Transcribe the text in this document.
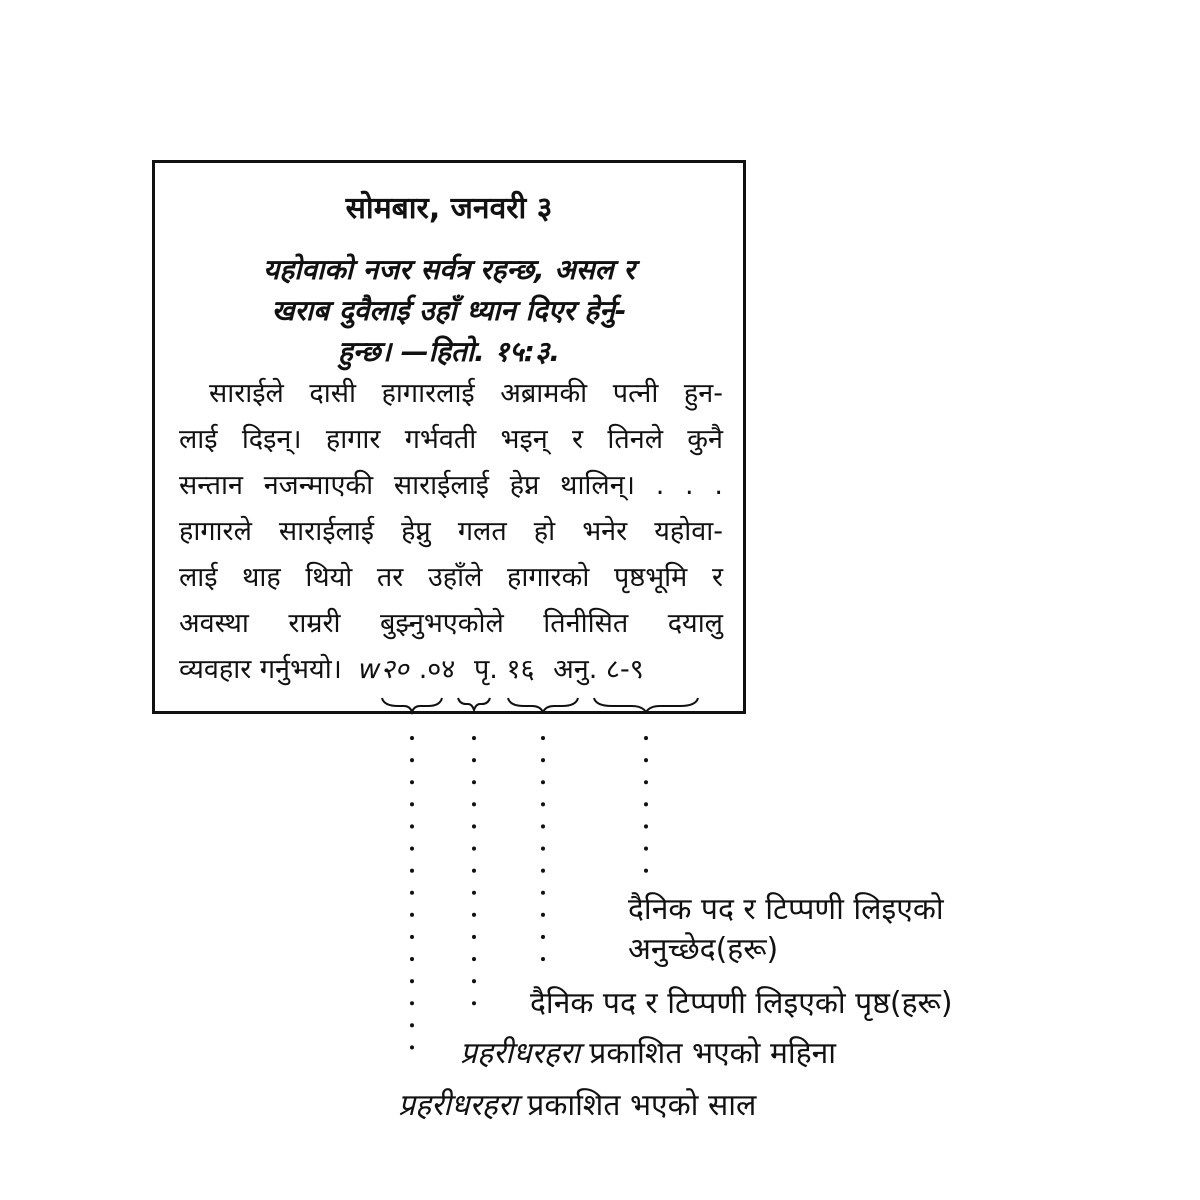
सोमबार, जनवरी ३
यहोवाको नजर सर्वत्र रहन्छ, असल र
खराब दुवैलाई उहाँ ध्यान दिएर हेर्नु-
हुन्छ। —हितो. १५:३.
साराईले दासी हागारलाई अब्रामकी पत्नी हुन-
लाई दिइन्। हागार गर्भवती भइन् र तिनले कुनै
सन्तान नजन्माएकी साराईलाई हेप्न थालिन्। . . .
हागारले साराईलाई हेप्नु गलत हो भनेर यहोवा-
लाई थाह थियो तर उहाँले हागारको पृष्ठभूमि र
अवस्था राम्ररी बुझ्नुभएकोले तिनीसित दयालु
व्यवहार गर्नुभयो। w२० .०४ पृ. १६ अनु. ८-९
दैनिक पद र टिप्पणी लिइएको
अनुच्छेद(हरू)
दैनिक पद र टिप्पणी लिइएको पृष्ठ(हरू)
प्रहरीधरहरा प्रकाशित भएको महिना
प्रहरीधरहरा प्रकाशित भएको साल
